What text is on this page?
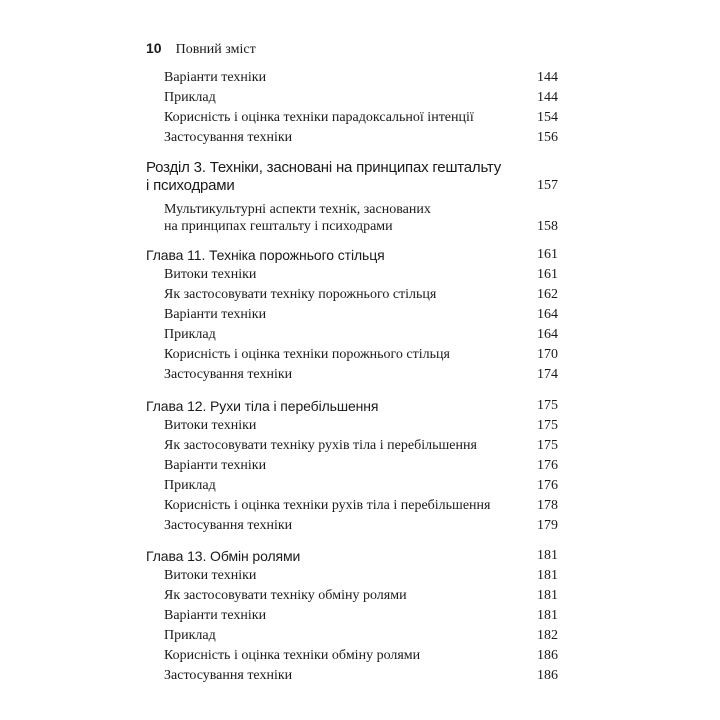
10 Повний зміст
Варіанти техніки	144
Приклад	144
Корисність і оцінка техніки парадоксальної інтенції	154
Застосування техніки	156
Розділ 3. Техніки, засновані на принципах гештальту
і психодрами	157
Мультикультурні аспекти технік, заснованих
на принципах гештальту і психодрами	158
Глава 11. Техніка порожнього стільця	161
Витоки техніки	161
Як застосовувати техніку порожнього стільця	162
Варіанти техніки	164
Приклад	164
Корисність і оцінка техніки порожнього стільця	170
Застосування техніки	174
Глава 12. Рухи тіла і перебільшення	175
Витоки техніки	175
Як застосовувати техніку рухів тіла і перебільшення	175
Варіанти техніки	176
Приклад	176
Корисність і оцінка техніки рухів тіла і перебільшення	178
Застосування техніки	179
Глава 13. Обмін ролями	181
Витоки техніки	181
Як застосовувати техніку обміну ролями	181
Варіанти техніки	181
Приклад	182
Корисність і оцінка техніки обміну ролями	186
Застосування техніки	186
